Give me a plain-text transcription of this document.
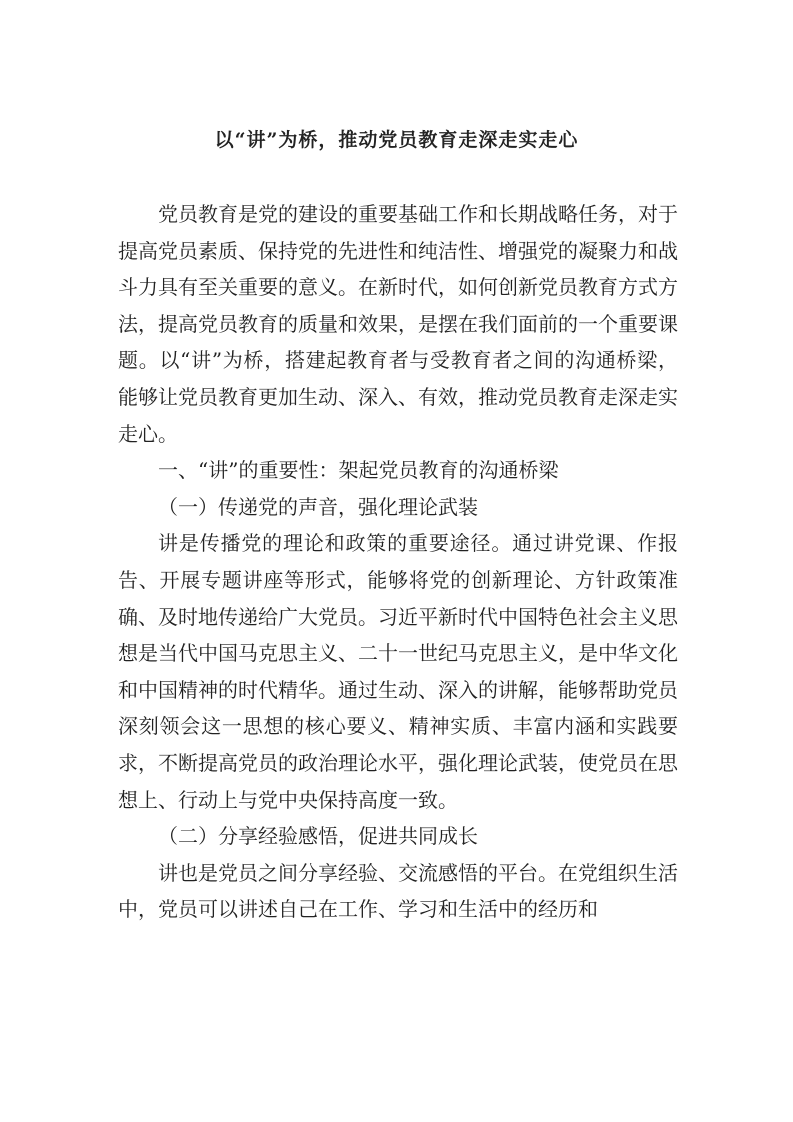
以“讲”为桥，推动党员教育走深走实走心

党员教育是党的建设的重要基础工作和长期战略任务，对于提高党员素质、保持党的先进性和纯洁性、增强党的凝聚力和战斗力具有至关重要的意义。在新时代，如何创新党员教育方式方法，提高党员教育的质量和效果，是摆在我们面前的一个重要课题。以“讲”为桥，搭建起教育者与受教育者之间的沟通桥梁，能够让党员教育更加生动、深入、有效，推动党员教育走深走实走心。

一、“讲”的重要性：架起党员教育的沟通桥梁

（一）传递党的声音，强化理论武装

讲是传播党的理论和政策的重要途径。通过讲党课、作报告、开展专题讲座等形式，能够将党的创新理论、方针政策准确、及时地传递给广大党员。习近平新时代中国特色社会主义思想是当代中国马克思主义、二十一世纪马克思主义，是中华文化和中国精神的时代精华。通过生动、深入的讲解，能够帮助党员深刻领会这一思想的核心要义、精神实质、丰富内涵和实践要求，不断提高党员的政治理论水平，强化理论武装，使党员在思想上、行动上与党中央保持高度一致。

（二）分享经验感悟，促进共同成长

讲也是党员之间分享经验、交流感悟的平台。在党组织生活中，党员可以讲述自己在工作、学习和生活中的经历和
